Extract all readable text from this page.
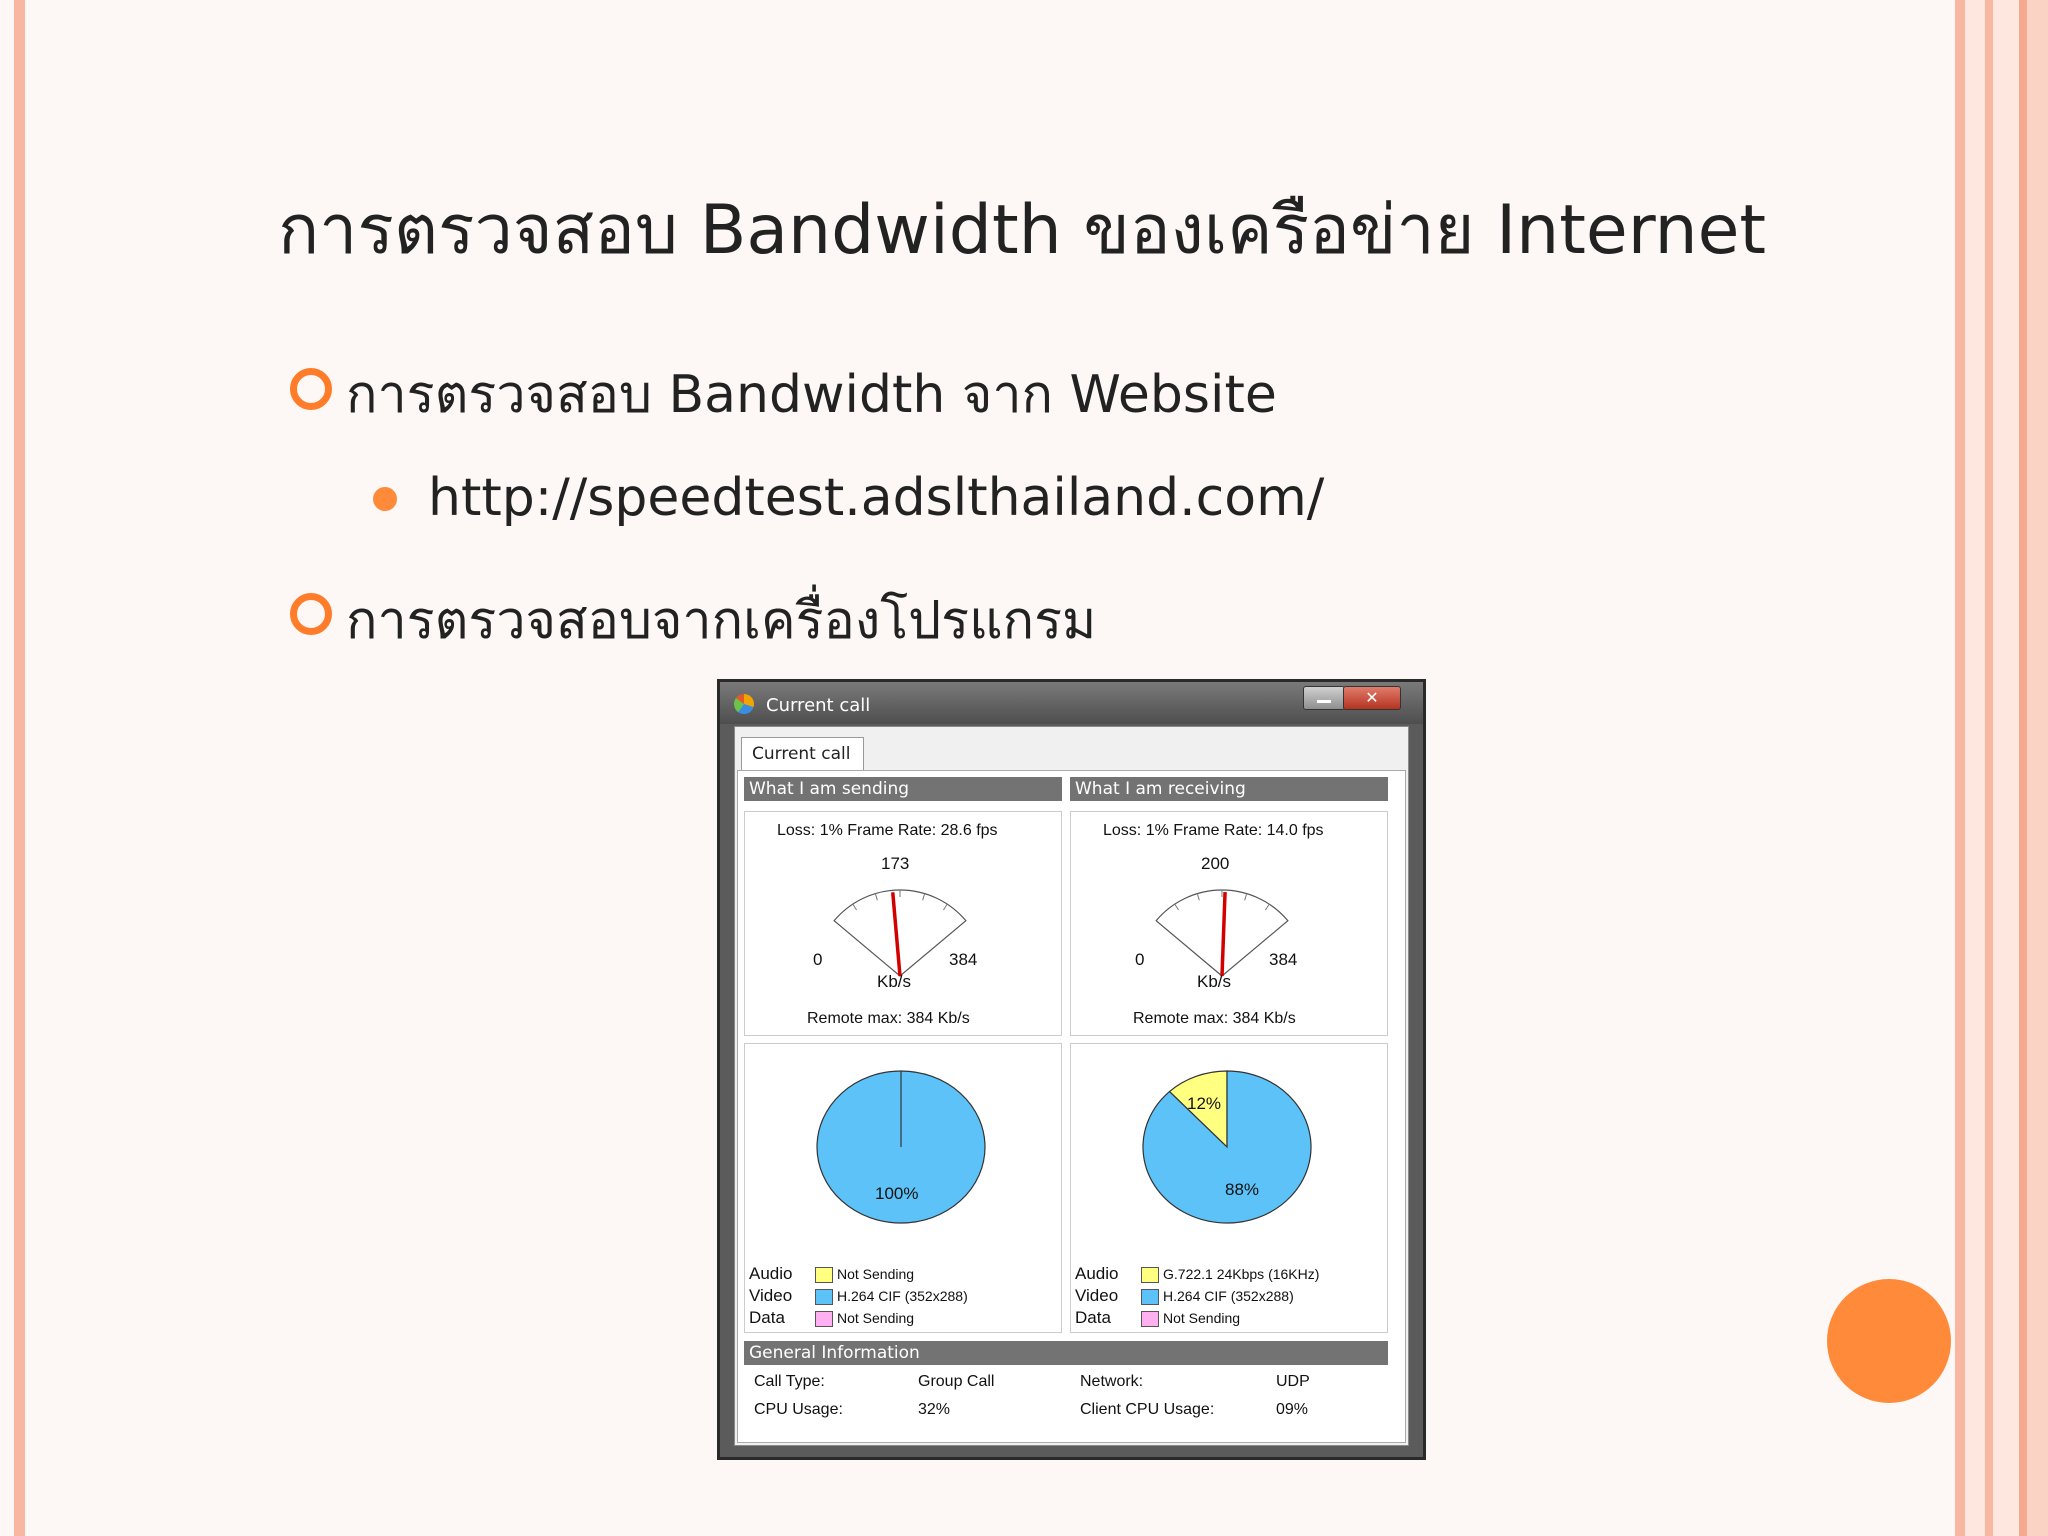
การตรวจสอบ Bandwidth ของเครือข่าย Internet
การตรวจสอบ Bandwidth จาก Website
http://speedtest.adslthailand.com/
การตรวจสอบจากเครื่องโปรแกรม
Current call	✕
Current call
What I am sending	What I am receiving
Loss: 1% Frame Rate: 28.6 fps
173
0	384
Kb/s
Remote max: 384 Kb/s
Loss: 1% Frame Rate: 14.0 fps
200
0	384
Kb/s
Remote max: 384 Kb/s
100%
Audio	Not Sending
Video	H.264 CIF (352x288)
Data	Not Sending
12%
88%
Audio	G.722.1 24Kbps (16KHz)
Video	H.264 CIF (352x288)
Data	Not Sending
General Information
Call Type:	Group Call	Network:	UDP
CPU Usage:	32%	Client CPU Usage:	09%
